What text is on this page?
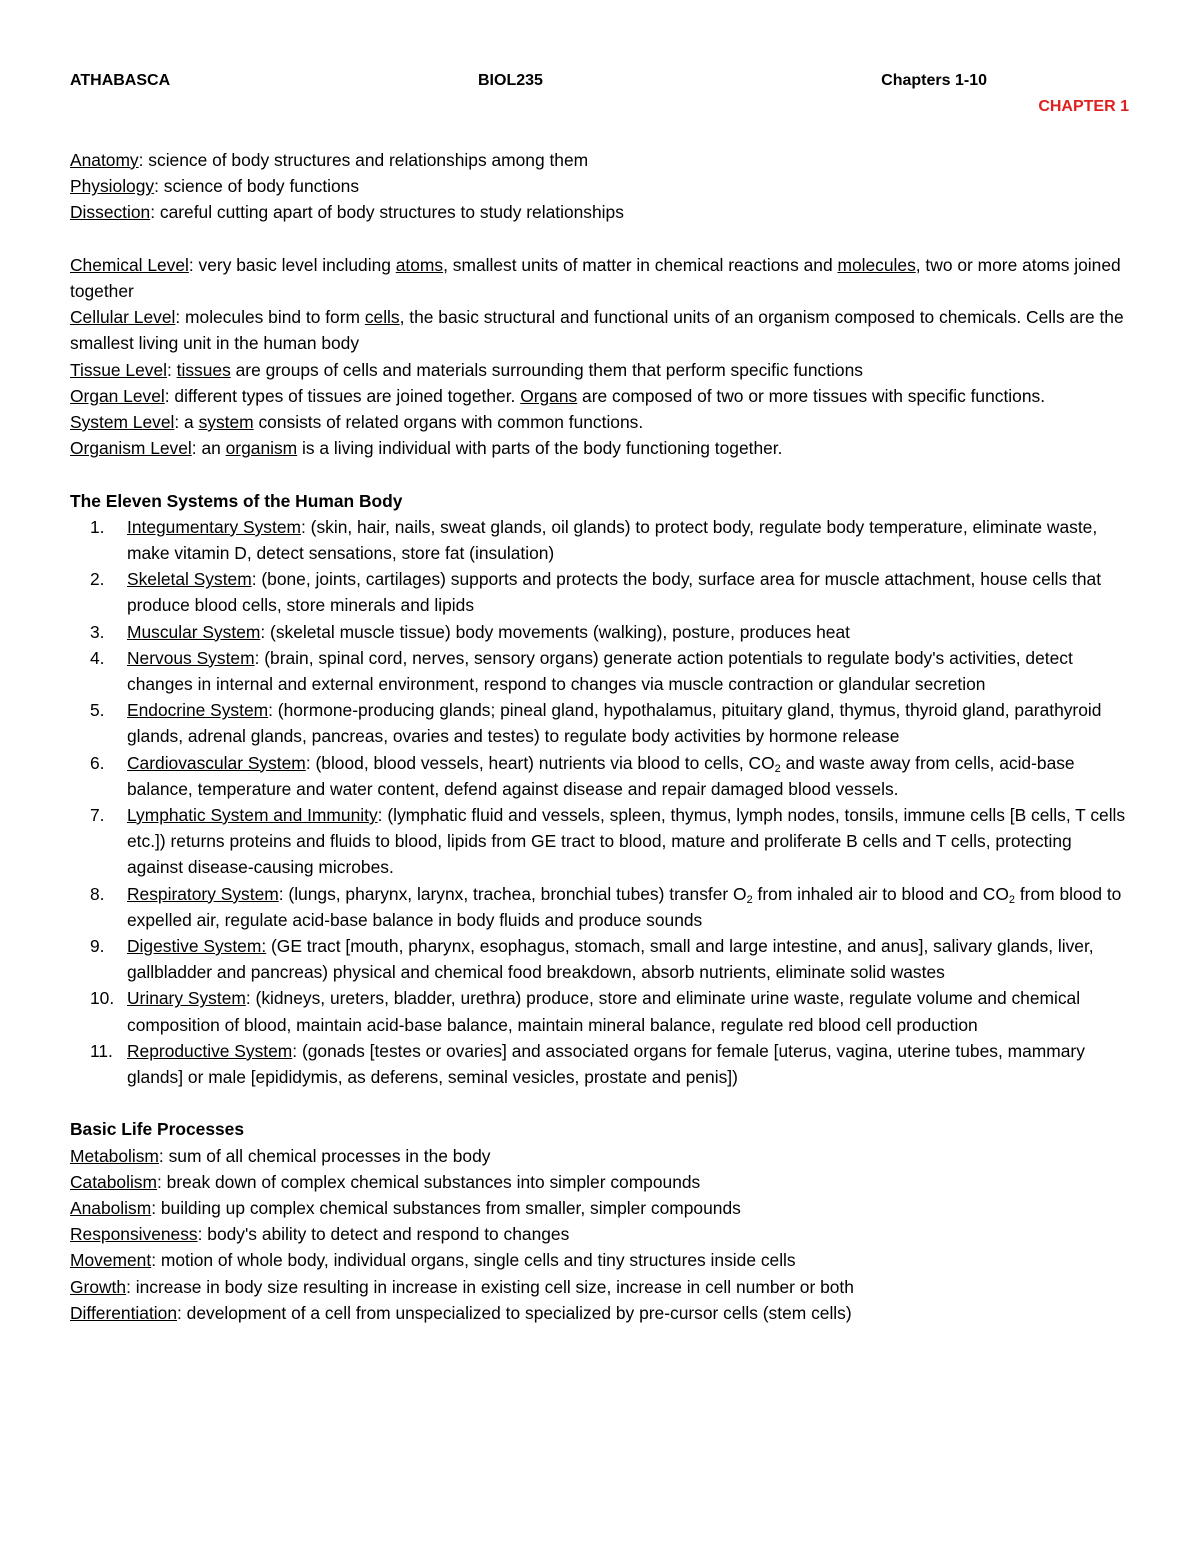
ATHABASCA	BIOL235	Chapters 1-10
CHAPTER 1

Anatomy: science of body structures and relationships among them

Physiology: science of body functions

Dissection: careful cutting apart of body structures to study relationships

Chemical Level: very basic level including atoms, smallest units of matter in chemical reactions and molecules, two or more atoms joined together

Cellular Level: molecules bind to form cells, the basic structural and functional units of an organism composed to chemicals. Cells are the smallest living unit in the human body

Tissue Level: tissues are groups of cells and materials surrounding them that perform specific functions

Organ Level: different types of tissues are joined together. Organs are composed of two or more tissues with specific functions.

System Level: a system consists of related organs with common functions.

Organism Level: an organism is a living individual with parts of the body functioning together.

The Eleven Systems of the Human Body

1. Integumentary System: (skin, hair, nails, sweat glands, oil glands) to protect body, regulate body temperature, eliminate waste, make vitamin D, detect sensations, store fat (insulation)
2. Skeletal System: (bone, joints, cartilages) supports and protects the body, surface area for muscle attachment, house cells that produce blood cells, store minerals and lipids
3. Muscular System: (skeletal muscle tissue) body movements (walking), posture, produces heat
4. Nervous System: (brain, spinal cord, nerves, sensory organs) generate action potentials to regulate body's activities, detect changes in internal and external environment, respond to changes via muscle contraction or glandular secretion
5. Endocrine System: (hormone-producing glands; pineal gland, hypothalamus, pituitary gland, thymus, thyroid gland, parathyroid glands, adrenal glands, pancreas, ovaries and testes) to regulate body activities by hormone release
6. Cardiovascular System: (blood, blood vessels, heart) nutrients via blood to cells, $CO_2$ and waste away from cells, acid-base balance, temperature and water content, defend against disease and repair damaged blood vessels.
7. Lymphatic System and Immunity: (lymphatic fluid and vessels, spleen, thymus, lymph nodes, tonsils, immune cells [B cells, T cells etc.]) returns proteins and fluids to blood, lipids from GE tract to blood, mature and proliferate B cells and T cells, protecting against disease-causing microbes.
8. Respiratory System: (lungs, pharynx, larynx, trachea, bronchial tubes) transfer $O_2$ from inhaled air to blood and $CO_2$ from blood to expelled air, regulate acid-base balance in body fluids and produce sounds
9. Digestive System: (GE tract [mouth, pharynx, esophagus, stomach, small and large intestine, and anus], salivary glands, liver, gallbladder and pancreas) physical and chemical food breakdown, absorb nutrients, eliminate solid wastes
10. Urinary System: (kidneys, ureters, bladder, urethra) produce, store and eliminate urine waste, regulate volume and chemical composition of blood, maintain acid-base balance, maintain mineral balance, regulate red blood cell production
11. Reproductive System: (gonads [testes or ovaries] and associated organs for female [uterus, vagina, uterine tubes, mammary glands] or male [epididymis, as deferens, seminal vesicles, prostate and penis])

Basic Life Processes

Metabolism: sum of all chemical processes in the body

Catabolism: break down of complex chemical substances into simpler compounds

Anabolism: building up complex chemical substances from smaller, simpler compounds

Responsiveness: body's ability to detect and respond to changes

Movement: motion of whole body, individual organs, single cells and tiny structures inside cells

Growth: increase in body size resulting in increase in existing cell size, increase in cell number or both

Differentiation: development of a cell from unspecialized to specialized by pre-cursor cells (stem cells)
